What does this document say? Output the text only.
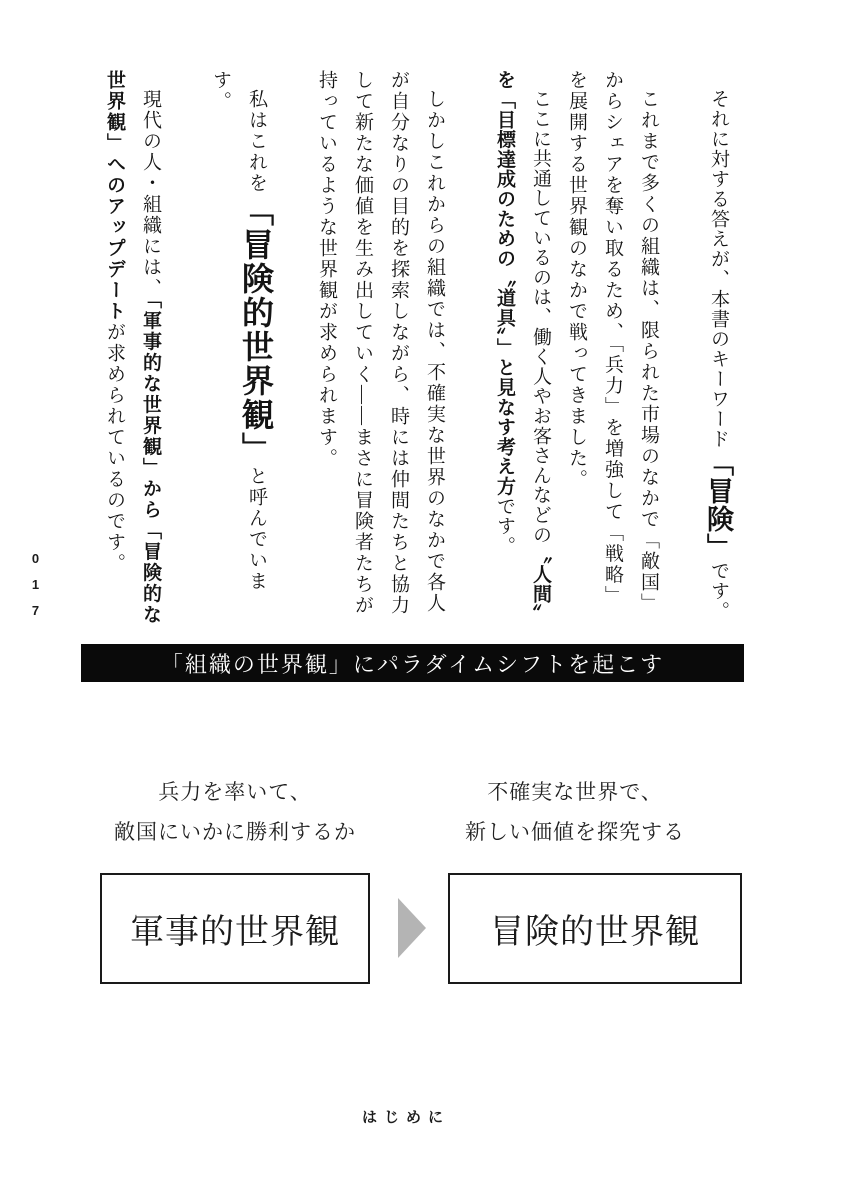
017

それに対する答えが、本書のキーワード「冒険」です。

これまで多くの組織は、限られた市場のなかで「敵国」からシェアを奪い取るため、「兵力」を増強して「戦略」を展開する世界観のなかで戦ってきました。

ここに共通しているのは、働く人やお客さんなどの〝人間〟を「目標達成のための〝道具〟」と見なす考え方です。

しかしこれからの組織では、不確実な世界のなかで各人が自分なりの目的を探索しながら、時には仲間たちと協力して新たな価値を生み出していく――まさに冒険者たちが持っているような世界観が求められます。

私はこれを「冒険的世界観」と呼んでいます。

現代の人・組織には、「軍事的な世界観」から「冒険的な世界観」へのアップデートが求められているのです。

「組織の世界観」にパラダイムシフトを起こす
兵力を率いて、
敵国にいかに勝利するか
不確実な世界で、
新しい価値を探究する
軍事的世界観	冒険的世界観
はじめに
